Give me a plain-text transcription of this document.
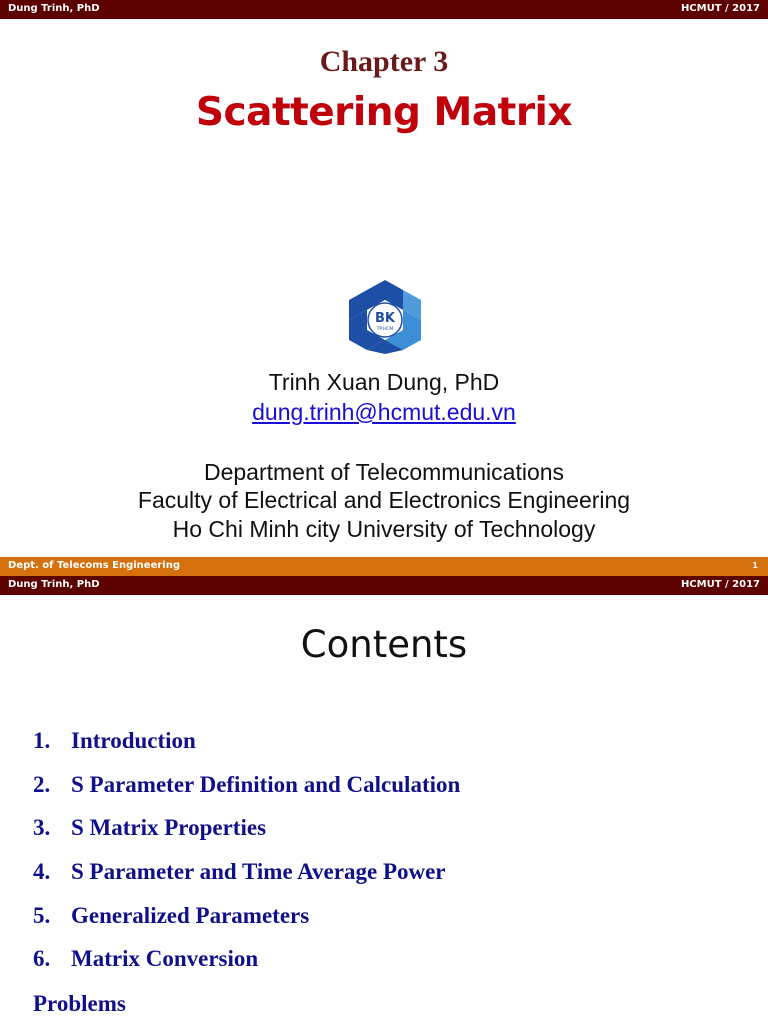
Dung Trinh, PhD	HCMUT / 2017
Chapter 3
Scattering Matrix
BK
TP.HCM
Trinh Xuan Dung, PhD
dung.trinh@hcmut.edu.vn
Department of Telecommunications
Faculty of Electrical and Electronics Engineering
Ho Chi Minh city University of Technology
Dept. of Telecoms Engineering	1
Dung Trinh, PhD	HCMUT / 2017
Contents
1. Introduction
2. S Parameter Definition and Calculation
3. S Matrix Properties
4. S Parameter and Time Average Power
5. Generalized Parameters
6. Matrix Conversion
Problems
